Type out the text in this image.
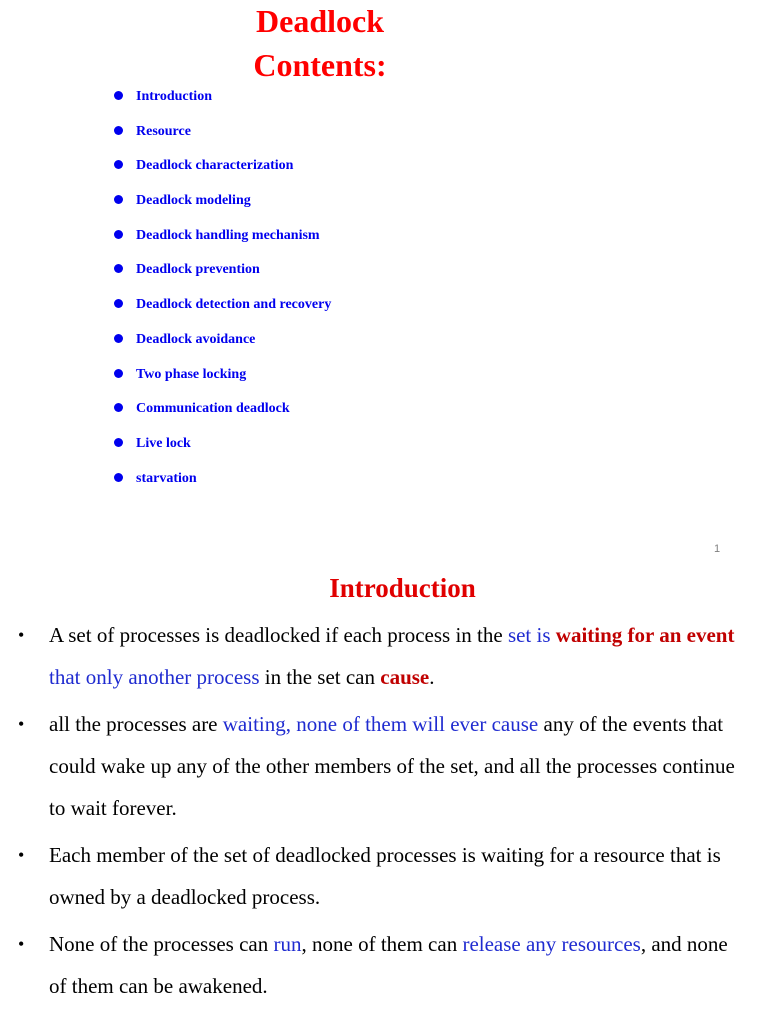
Deadlock
Contents:
Introduction
Resource
Deadlock characterization
Deadlock modeling
Deadlock handling mechanism
Deadlock prevention
Deadlock detection and recovery
Deadlock avoidance
Two phase locking
Communication deadlock
Live lock
starvation
1
Introduction
• A set of processes is deadlocked if each process in the set is waiting for an event that only another process in the set can cause.
• all the processes are waiting, none of them will ever cause any of the events that could wake up any of the other members of the set, and all the processes continue to wait forever.
• Each member of the set of deadlocked processes is waiting for a resource that is owned by a deadlocked process.
• None of the processes can run, none of them can release any resources, and none of them can be awakened.
